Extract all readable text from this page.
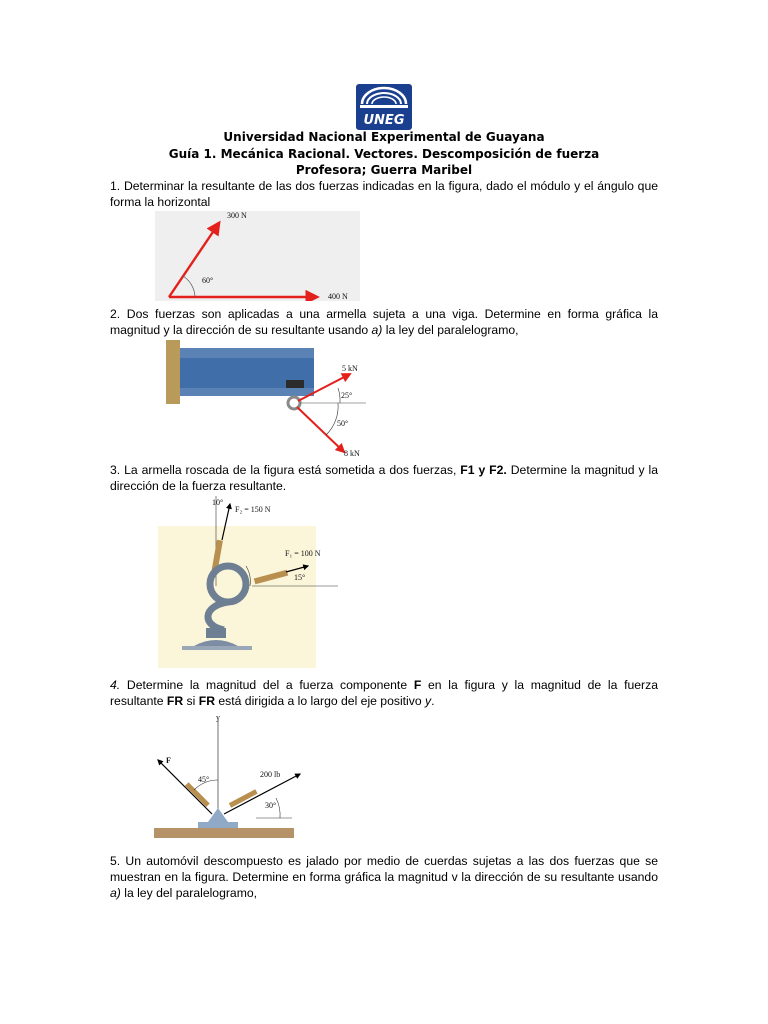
UNEG
Universidad Nacional Experimental de Guayana
Guía 1. Mecánica Racional. Vectores. Descomposición de fuerza
Profesora; Guerra Maribel
1. Determinar la resultante de las dos fuerzas indicadas en la figura, dado el módulo y el ángulo que forma la horizontal
300 N
400 N
60°
2. Dos fuerzas son aplicadas a una armella sujeta a una viga. Determine en forma gráfica la magnitud y la dirección de su resultante usando a) la ley del paralelogramo,
5 kN
8 kN
25°
50°
3. La armella roscada de la figura está sometida a dos fuerzas, F1 y F2. Determine la magnitud y la dirección de la fuerza resultante.
10°
F₂ = 150 N
F₁ = 100 N
15°
4. Determine la magnitud del a fuerza componente F en la figura y la magnitud de la fuerza resultante FR si FR está dirigida a lo largo del eje positivo y.
y
F
200 lb
45°
30°
5. Un automóvil descompuesto es jalado por medio de cuerdas sujetas a las dos fuerzas que se muestran en la figura. Determine en forma gráfica la magnitud v la dirección de su resultante usando a) la ley del paralelogramo,
